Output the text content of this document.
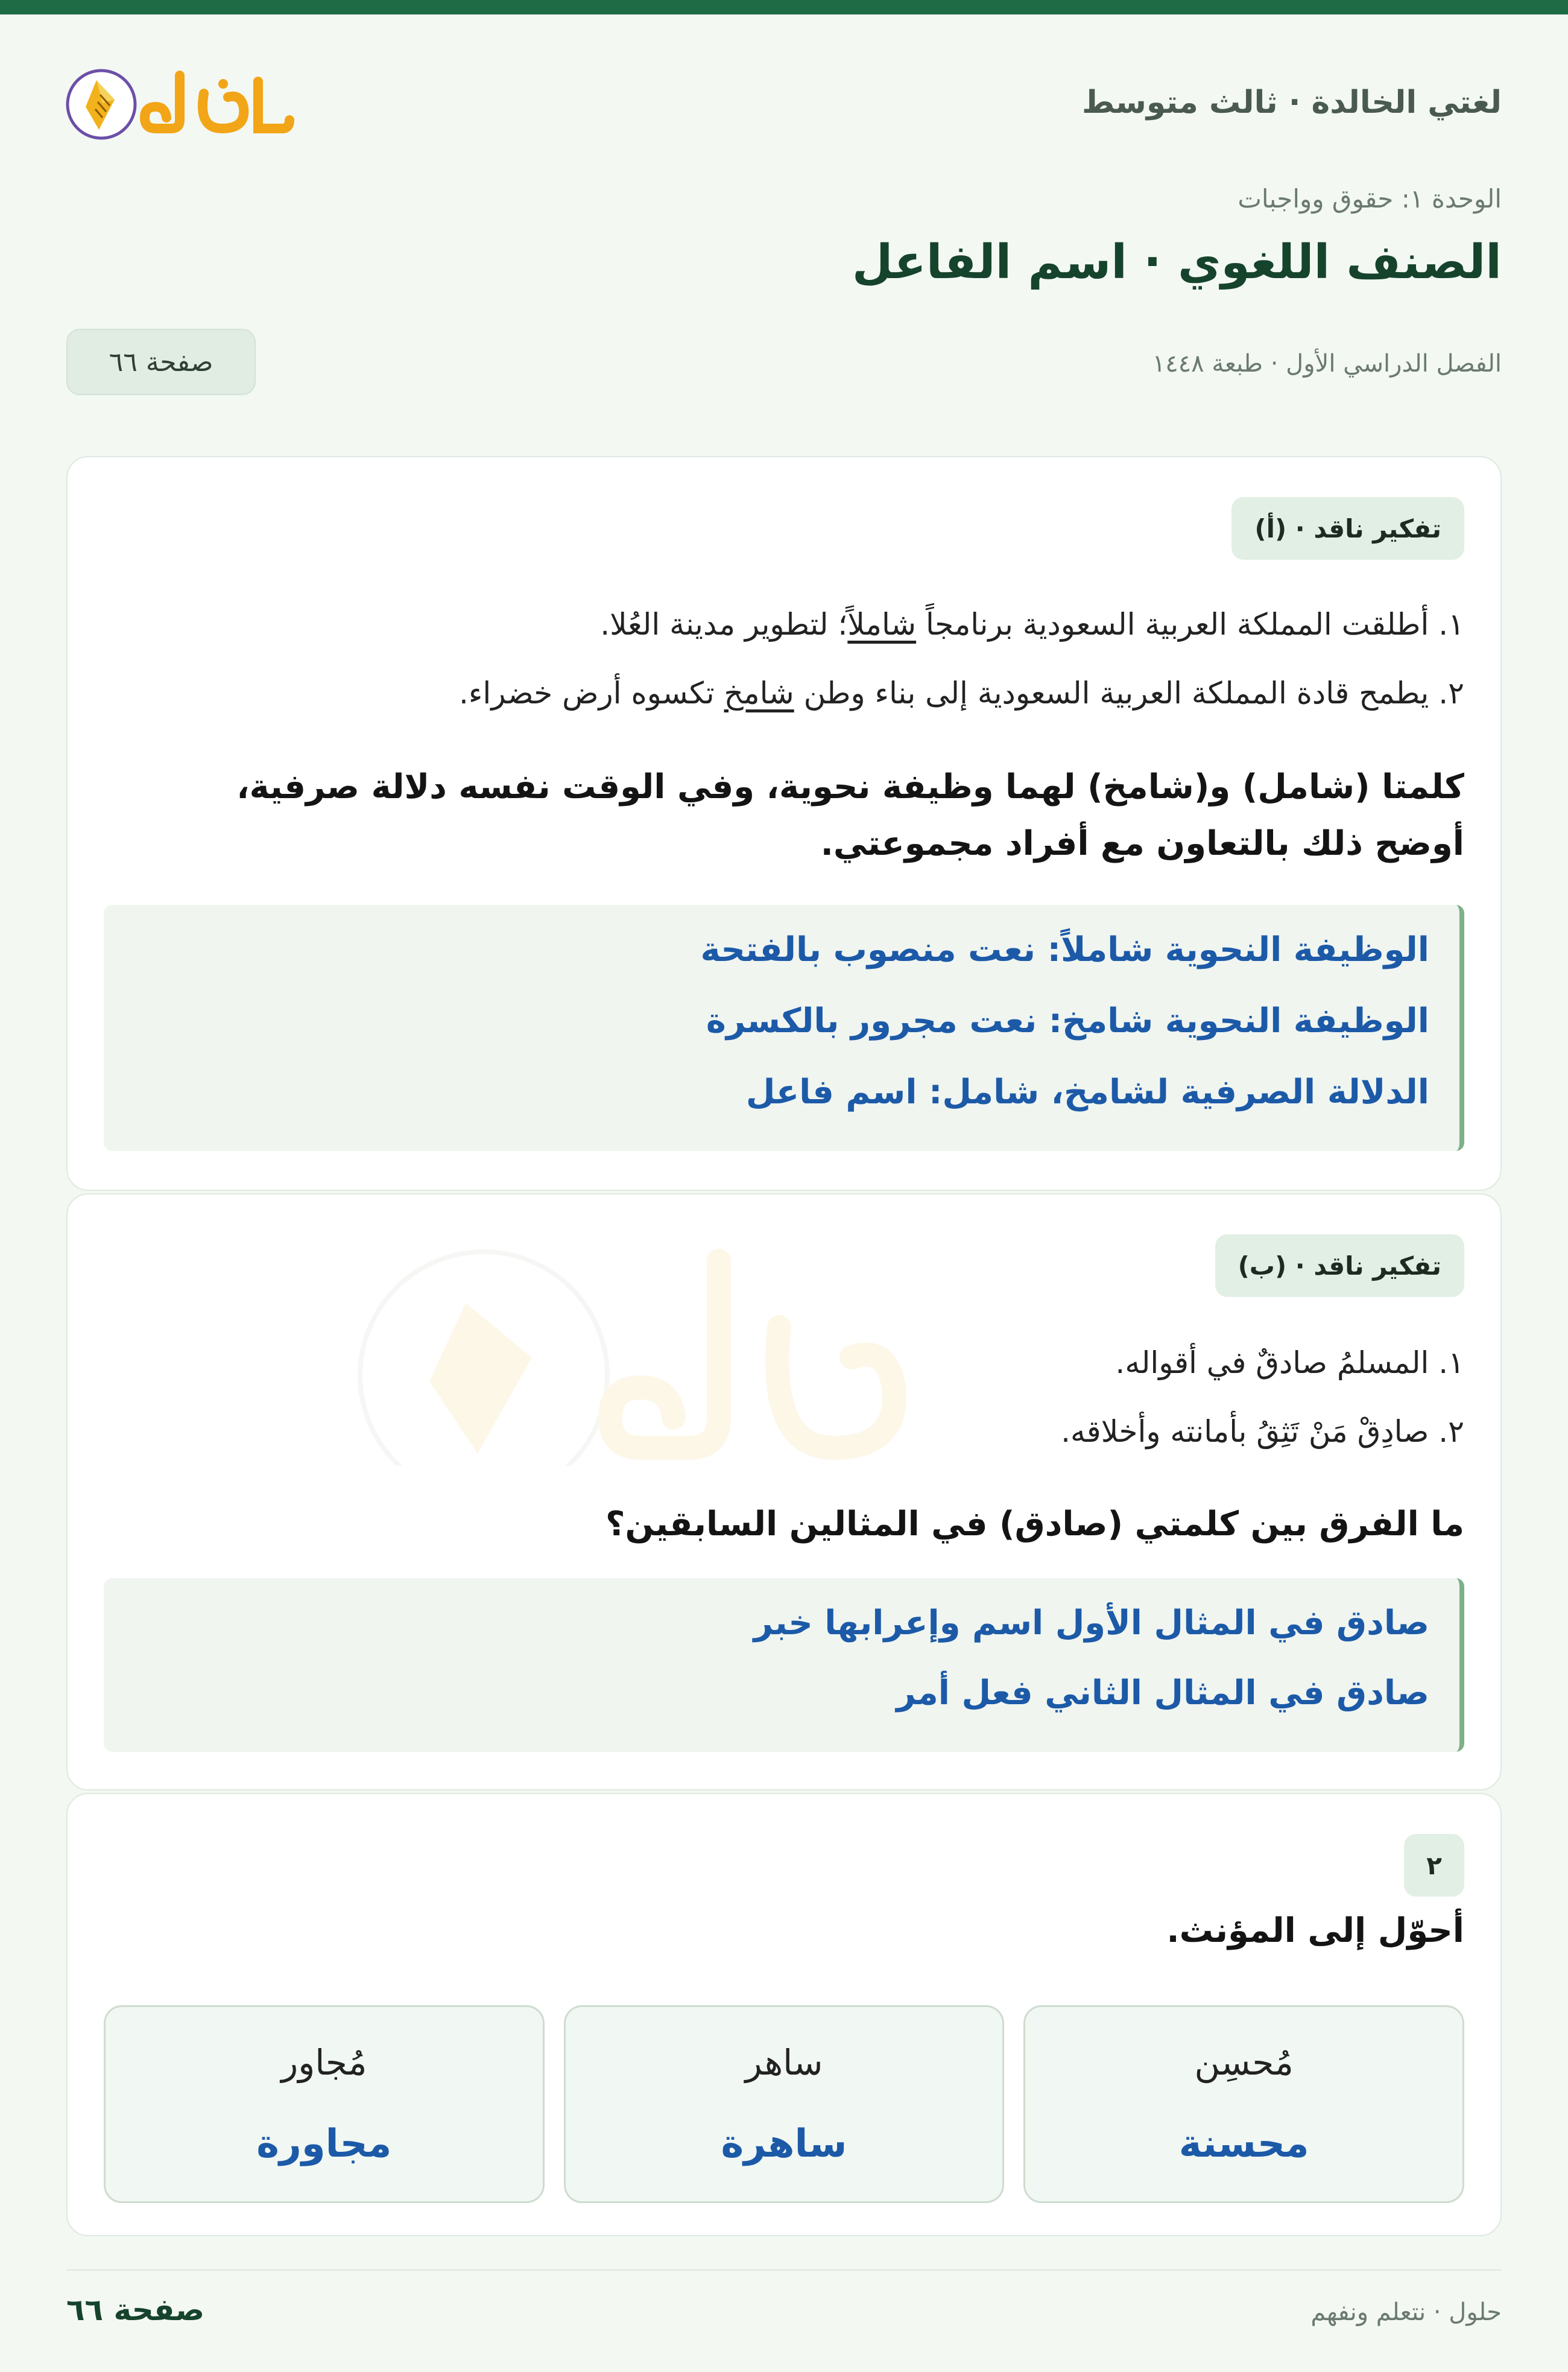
لغتي الخالدة · ثالث متوسط
الوحدة ١: حقوق وواجبات
الصنف اللغوي · اسم الفاعل
الفصل الدراسي الأول · طبعة ١٤٤٨
صفحة ٦٦
تفكير ناقد · (أ)
١. أطلقت المملكة العربية السعودية برنامجاً شاملاً؛ لتطوير مدينة العُلا.
٢. يطمح قادة المملكة العربية السعودية إلى بناء وطن شامخ تكسوه أرض خضراء.
كلمتا (شامل) و(شامخ) لهما وظيفة نحوية، وفي الوقت نفسه دلالة صرفية،
أوضح ذلك بالتعاون مع أفراد مجموعتي.
الوظيفة النحوية شاملاً: نعت منصوب بالفتحة
الوظيفة النحوية شامخ: نعت مجرور بالكسرة
الدلالة الصرفية لشامخ، شامل: اسم فاعل
تفكير ناقد · (ب)
١. المسلمُ صادقٌ في أقواله.
٢. صادِقْ مَنْ تَثِقُ بأمانته وأخلاقه.
ما الفرق بين كلمتي (صادق) في المثالين السابقين؟
صادق في المثال الأول اسم وإعرابها خبر
صادق في المثال الثاني فعل أمر
٢
أحوّل إلى المؤنث.
مُحسِن
محسنة
ساهر
ساهرة
مُجاور
مجاورة
حلول · نتعلم ونفهم
صفحة ٦٦
